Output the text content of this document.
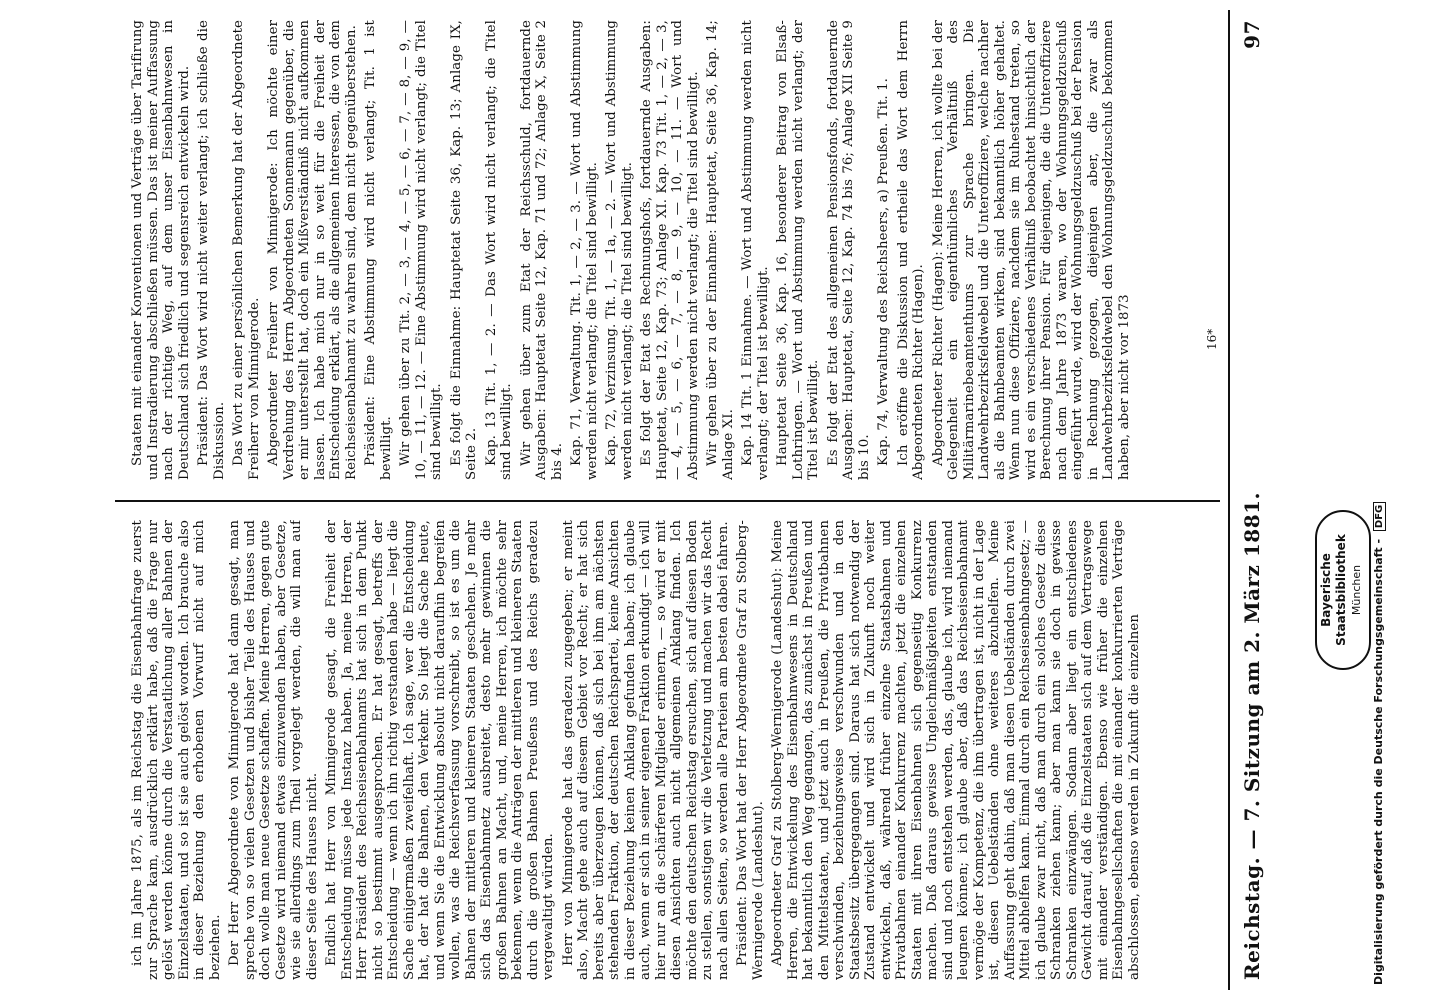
ich im Jahre 1875, als im Reichstag die Eisenbahnfrage zuerst zur Sprache kam, ausdrücklich erklärt habe, daß die Frage nur gelöst werden könne durch die Verstaatlichung aller Bahnen der Einzelstaaten, und so ist sie auch gelöst worden. Ich brauche also in dieser Beziehung den erhobenen Vorwurf nicht auf mich beziehen. Der Herr Abgeordnete von Minnigerode hat dann gesagt, man spreche von so vielen Gesetzen und bisher Teile des Hauses und doch wolle man neue Gesetze schaffen. Meine Herren, gegen gute Gesetze wird niemand etwas einzuwenden haben, aber Gesetze, wie sie allerdings zum Theil vorgelegt werden, die will man auf dieser Seite des Hauses nicht. Endlich hat Herr von Minnigerode gesagt, die Freiheit der Entscheidung müsse jede Instanz haben. Ja, meine Herren, der Herr Präsident des Reichseisenbahnamts hat sich in dem Punkt nicht so bestimmt ausgesprochen. Er hat gesagt, betreffs der Entscheidung — wenn ich ihn richtig verstanden habe — liegt die Sache einigermaßen zweifelhaft. Ich sage, wer die Entscheidung hat, der hat die Bahnen, den Verkehr. So liegt die Sache heute, und wenn Sie die Entwicklung absolut nicht daraufhin begreifen wollen, was die Reichsverfassung vorschreibt, so ist es um die Bahnen der mittleren und kleineren Staaten geschehen. Je mehr sich das Eisenbahnnetz ausbreitet, desto mehr gewinnen die großen Bahnen an Macht, und, meine Herren, ich möchte sehr bekennen, wenn die Anträgen der mittleren und kleineren Staaten durch die großen Bahnen Preußens und des Reichs geradezu vergewaltigt würden. Herr von Minnigerode hat das geradezu zugegeben; er meint also, Macht gehe auch auf diesem Gebiet vor Recht; er hat sich bereits aber überzeugen können, daß sich bei ihm am nächsten stehenden Fraktion, der deutschen Reichspartei, keine Ansichten in dieser Beziehung keinen Anklang gefunden haben; ich glaube auch, wenn er sich in seiner eigenen Fraktion erkundigt — ich will hier nur an die schärferen Mitglieder erinnern, — so wird er mit diesen Ansichten auch nicht allgemeinen Anklang finden. Ich möchte den deutschen Reichstag ersuchen, sich auf diesen Boden zu stellen, sonstigen wir die Verletzung und machen wir das Recht nach allen Seiten, so werden alle Parteien am besten dabei fahren. Präsident: Das Wort hat der Herr Abgeordnete Graf zu Stolberg-Wernigerode (Landeshut). Abgeordneter Graf zu Stolberg-Wernigerode (Landeshut): Meine Herren, die Entwickelung des Eisenbahnwesens in Deutschland hat bekanntlich den Weg gegangen, das zunächst in Preußen und den Mittelstaaten, und jetzt auch in Preußen, die Privatbahnen verschwinden, beziehungsweise verschwunden und in den Staatsbesitz übergegangen sind. Daraus hat sich notwendig der Zustand entwickelt und wird sich in Zukunft noch weiter entwickeln, daß, während früher einzelne Staatsbahnen und Privatbahnen einander Konkurrenz machten, jetzt die einzelnen Staaten mit ihren Eisenbahnen sich gegenseitig Konkurrenz machen. Daß daraus gewisse Ungleichmäßigkeiten entstanden sind und noch entstehen werden, das, glaube ich, wird niemand leugnen können; ich glaube aber, daß das Reichseisenbahnamt vermöge der Kompetenz, die ihm übertragen ist, nicht in der Lage ist, diesen Uebelständen ohne weiteres abzuhelfen. Meine Auffassung geht dahin, daß man diesen Uebelständen durch zwei Mittel abhelfen kann. Einmal durch ein Reichseisenbahngesetz; — ich glaube zwar nicht, daß man durch ein solches Gesetz diese Schranken ziehen kann; aber man kann sie doch in gewisse Schranken einzwängen. Sodann aber liegt ein entschiedenes Gewicht darauf, daß die Einzelstaaten sich auf dem Vertragswege mit einander verständigen. Ebenso wie früher die einzelnen Eisenbahngesellschaften die mit einander konkurrierten Verträge abschlossen, ebenso werden in Zukunft die einzelnen

Staaten mit einander Konventionen und Verträge über Tarifirung und Instradierung abschließen müssen. Das ist meiner Auffassung nach der richtige Weg, auf dem unser Eisenbahnwesen in Deutschland sich friedlich und segensreich entwickeln wird. Präsident: Das Wort wird nicht weiter verlangt; ich schließe die Diskussion. Das Wort zu einer persönlichen Bemerkung hat der Abgeordnete Freiherr von Minnigerode. Abgeordneter Freiherr von Minnigerode: Ich möchte einer Verdrehung des Herrn Abgeordneten Sonnemann gegenüber, die er mir unterstellt hat, doch ein Mißverständniß nicht aufkommen lassen. Ich habe mich nur in so weit für die Freiheit der Entscheidung erklärt, als die allgemeinen Interessen, die von dem Reichseisenbahnamt zu wahren sind, dem nicht gegenüberstehen. Präsident: Eine Abstimmung wird nicht verlangt; Tit. 1 ist bewilligt. Wir gehen über zu Tit. 2, — 3, — 4, — 5, — 6, — 7, — 8, — 9, — 10, — 11, — 12. — Eine Abstimmung wird nicht verlangt; die Titel sind bewilligt. Es folgt die Einnahme: Hauptetat Seite 36, Kap. 13; Anlage IX, Seite 2. Kap. 13 Tit. 1, — 2. — Das Wort wird nicht verlangt; die Titel sind bewilligt. Wir gehen über zum Etat der Reichsschuld, fortdauernde Ausgaben: Hauptetat Seite 12, Kap. 71 und 72; Anlage X, Seite 2 bis 4. Kap. 71, Verwaltung. Tit. 1, — 2, — 3. — Wort und Abstimmung werden nicht verlangt; die Titel sind bewilligt. Kap. 72, Verzinsung. Tit. 1, — 1a, — 2. — Wort und Abstimmung werden nicht verlangt; die Titel sind bewilligt. Es folgt der Etat des Rechnungshofs, fortdauernde Ausgaben: Hauptetat, Seite 12, Kap. 73; Anlage XI. Kap. 73 Tit. 1, — 2, — 3, — 4, — 5, — 6, — 7, — 8, — 9, — 10, — 11. — Wort und Abstimmung werden nicht verlangt; die Titel sind bewilligt. Wir gehen über zu der Einnahme: Hauptetat, Seite 36, Kap. 14; Anlage XI. Kap. 14 Tit. 1 Einnahme. — Wort und Abstimmung werden nicht verlangt; der Titel ist bewilligt. Hauptetat Seite 36, Kap. 16, besonderer Beitrag von Elsaß-Lothringen. — Wort und Abstimmung werden nicht verlangt; der Titel ist bewilligt. Es folgt der Etat des allgemeinen Pensionsfonds, fortdauernde Ausgaben: Hauptetat, Seite 12, Kap. 74 bis 76; Anlage XII Seite 9 bis 10. Kap. 74, Verwaltung des Reichsheers, a) Preußen. Tit. 1. Ich eröffne die Diskussion und ertheile das Wort dem Herrn Abgeordneten Richter (Hagen). Abgeordneter Richter (Hagen): Meine Herren, ich wollte bei der Gelegenheit ein eigenthümliches Verhältniß des Militärmarinebeamtenthums zur Sprache bringen. Die Landwehrbezirksfeldwebel und die Unteroffiziere, welche nachher als die Bahnbeamten wirken, sind bekanntlich höher gehaltet. Wenn nun diese Offiziere, nachdem sie im Ruhestand treten, so wird es ein verschiedenes Verhältniß beobachtet hinsichtlich der Berechnung ihrer Pension. Für diejenigen, die die Unteroffiziere nach dem Jahre 1873 waren, wo der Wohnungsgeldzuschuß eingeführt wurde, wird der Wohnungsgeldzuschuß bei der Pension in Rechnung gezogen, diejenigen aber, die zwar als Landwehrbezirksfeldwebel den Wohnungsgeldzuschuß bekommen haben, aber nicht vor 1873	16*
Reichstag. — 7. Sitzung am 2. März 1881.
97
Bayerische Staatsbibliothek München Digitalisierung gefördert durch die Deutsche Forschungsgemeinschaft - DFG
